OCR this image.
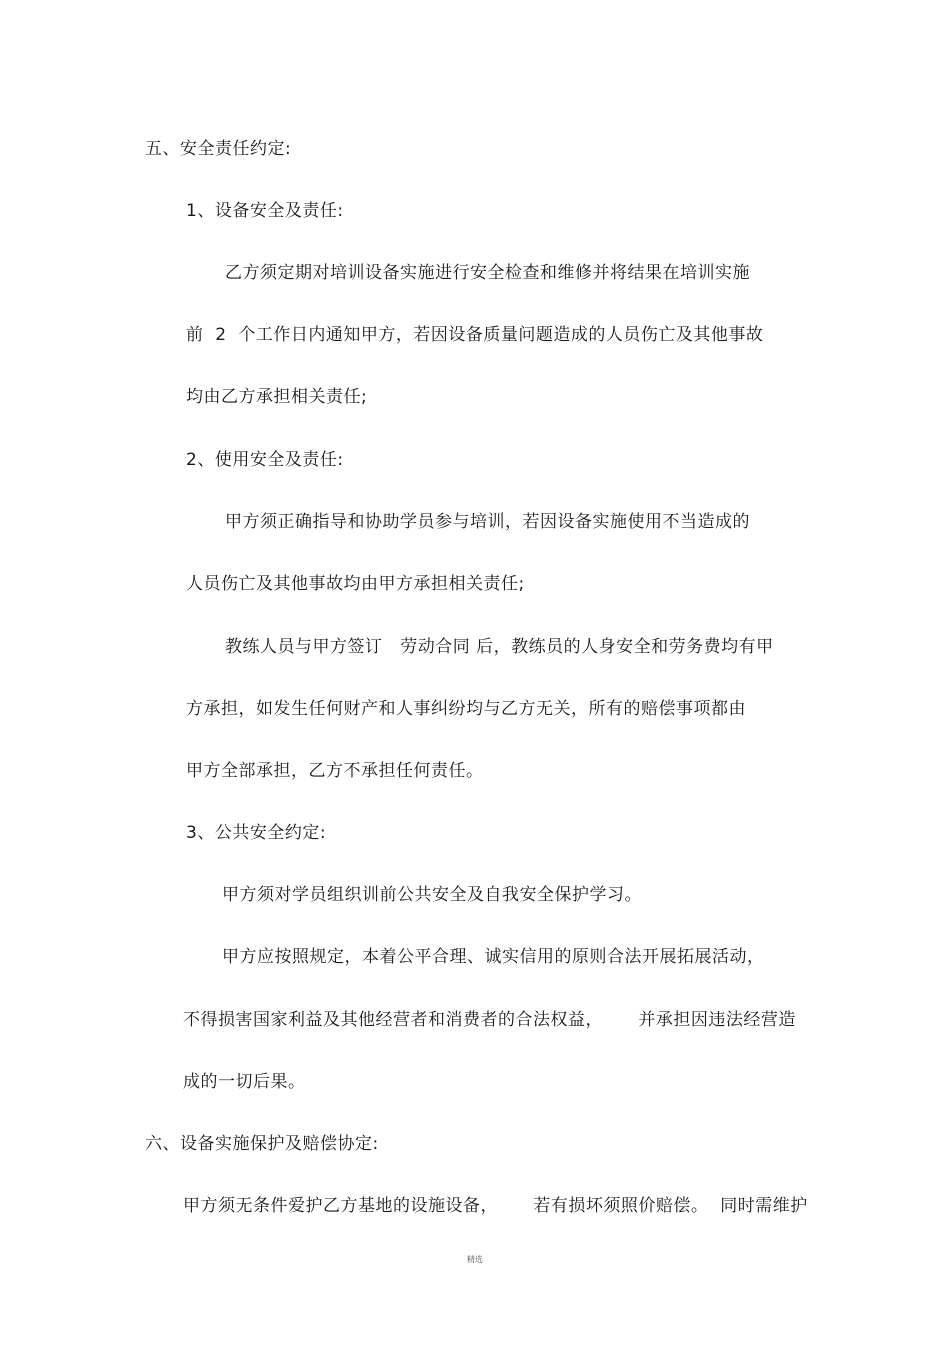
五、安全责任约定:
1、设备安全及责任:
乙方须定期对培训设备实施进行安全检查和维修并将结果在培训实施
前  2  个工作日内通知甲方，若因设备质量问题造成的人员伤亡及其他事故
均由乙方承担相关责任;
2、使用安全及责任:
甲方须正确指导和协助学员参与培训，若因设备实施使用不当造成的
人员伤亡及其他事故均由甲方承担相关责任;
教练人员与甲方签订   劳动合同 后，教练员的人身安全和劳务费均有甲
方承担，如发生任何财产和人事纠纷均与乙方无关，所有的赔偿事项都由
甲方全部承担，乙方不承担任何责任。
3、公共安全约定:
甲方须对学员组织训前公共安全及自我安全保护学习。
甲方应按照规定，本着公平合理、诚实信用的原则合法开展拓展活动，
不得损害国家利益及其他经营者和消费者的合法权益，      并承担因违法经营造
成的一切后果。
六、设备实施保护及赔偿协定:
甲方须无条件爱护乙方基地的设施设备，      若有损坏须照价赔偿。  同时需维护
精选
